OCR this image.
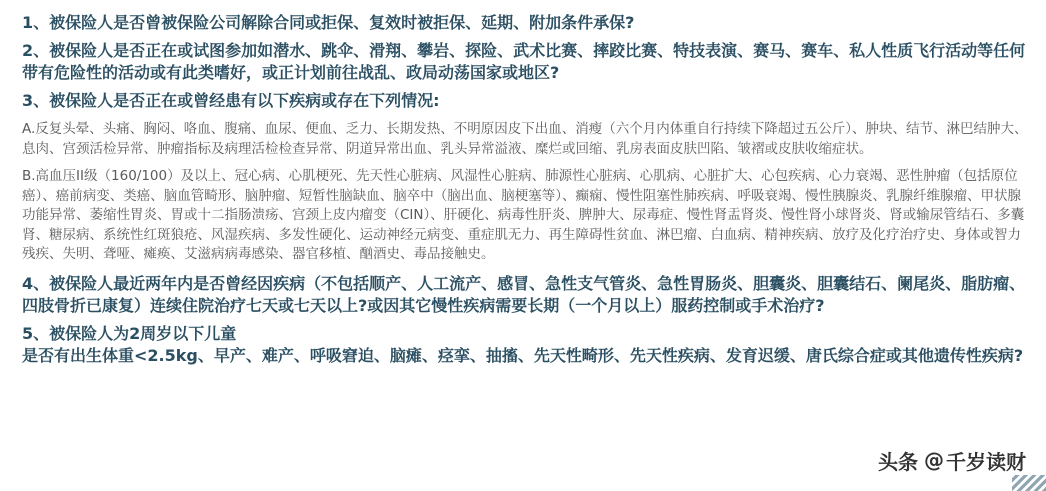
1、被保险人是否曾被保险公司解除合同或拒保、复效时被拒保、延期、附加条件承保?

2、被保险人是否正在或试图参加如潜水、跳伞、滑翔、攀岩、探险、武术比赛、摔跤比赛、特技表演、赛马、赛车、私人性质飞行活动等任何带有危险性的活动或有此类嗜好，或正计划前往战乱、政局动荡国家或地区?

3、被保险人是否正在或曾经患有以下疾病或存在下列情况:

A.反复头晕、头痛、胸闷、咯血、腹痛、血尿、便血、乏力、长期发热、不明原因皮下出血、消瘦（六个月内体重自行持续下降超过五公斤）、肿块、结节、淋巴结肿大、息肉、宫颈活检异常、肿瘤指标及病理活检检查异常、阴道异常出血、乳头异常溢液、糜烂或回缩、乳房表面皮肤凹陷、皱褶或皮肤收缩症状。

B.高血压II级（160/100）及以上、冠心病、心肌梗死、先天性心脏病、风湿性心脏病、肺源性心脏病、心肌病、心脏扩大、心包疾病、心力衰竭、恶性肿瘤（包括原位癌）、癌前病变、类癌、脑血管畸形、脑肿瘤、短暂性脑缺血、脑卒中（脑出血、脑梗塞等）、癫痫、慢性阻塞性肺疾病、呼吸衰竭、慢性胰腺炎、乳腺纤维腺瘤、甲状腺功能异常、萎缩性胃炎、胃或十二指肠溃疡、宫颈上皮内瘤变（CIN）、肝硬化、病毒性肝炎、脾肿大、尿毒症、慢性肾盂肾炎、慢性肾小球肾炎、肾或输尿管结石、多囊肾、糖尿病、系统性红斑狼疮、风湿疾病、多发性硬化、运动神经元病变、重症肌无力、再生障碍性贫血、淋巴瘤、白血病、精神疾病、放疗及化疗治疗史、身体或智力残疾、失明、聋哑、瘫痪、艾滋病病毒感染、器官移植、酗酒史、毒品接触史。

4、被保险人最近两年内是否曾经因疾病（不包括顺产、人工流产、感冒、急性支气管炎、急性胃肠炎、胆囊炎、胆囊结石、阑尾炎、脂肪瘤、四肢骨折已康复）连续住院治疗七天或七天以上?或因其它慢性疾病需要长期（一个月以上）服药控制或手术治疗?

5、被保险人为2周岁以下儿童

是否有出生体重<2.5kg、早产、难产、呼吸窘迫、脑瘫、痉挛、抽搐、先天性畸形、先天性疾病、发育迟缓、唐氏综合症或其他遗传性疾病?

头条 @ 千岁读财
